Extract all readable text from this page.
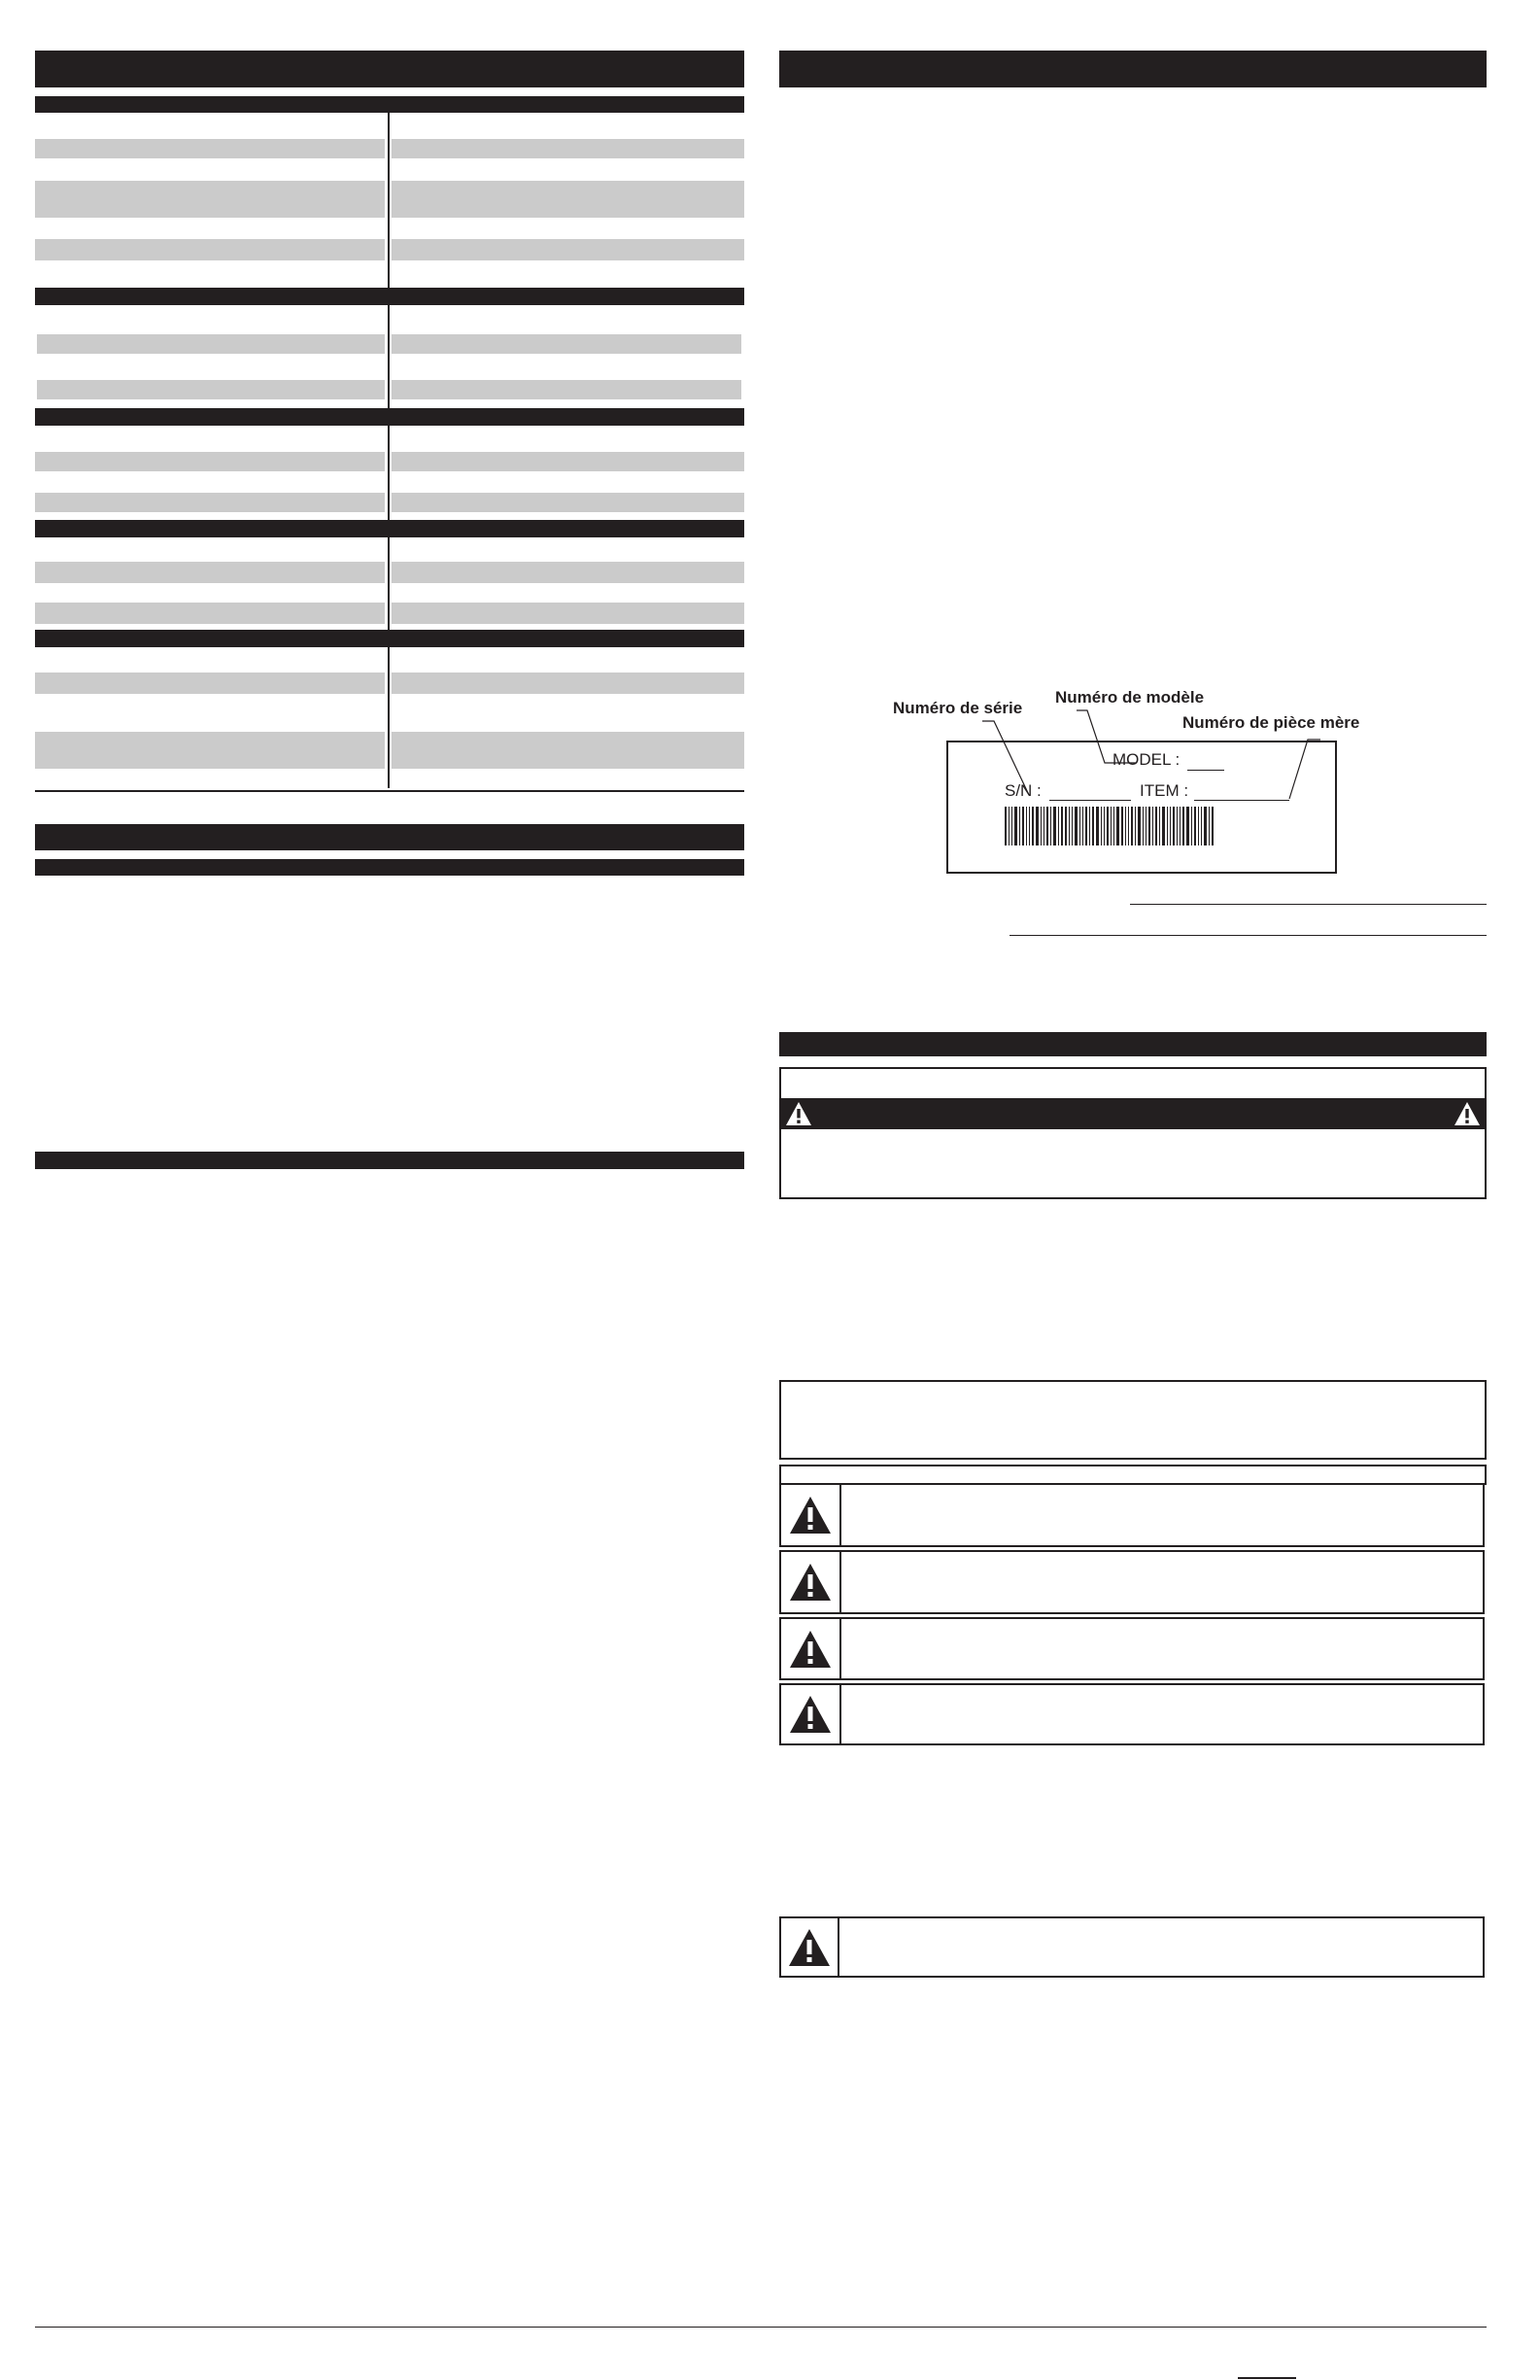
Numéro de modèle
Numéro de série
Numéro de pièce mère
MODEL :
S/N :	ITEM :
